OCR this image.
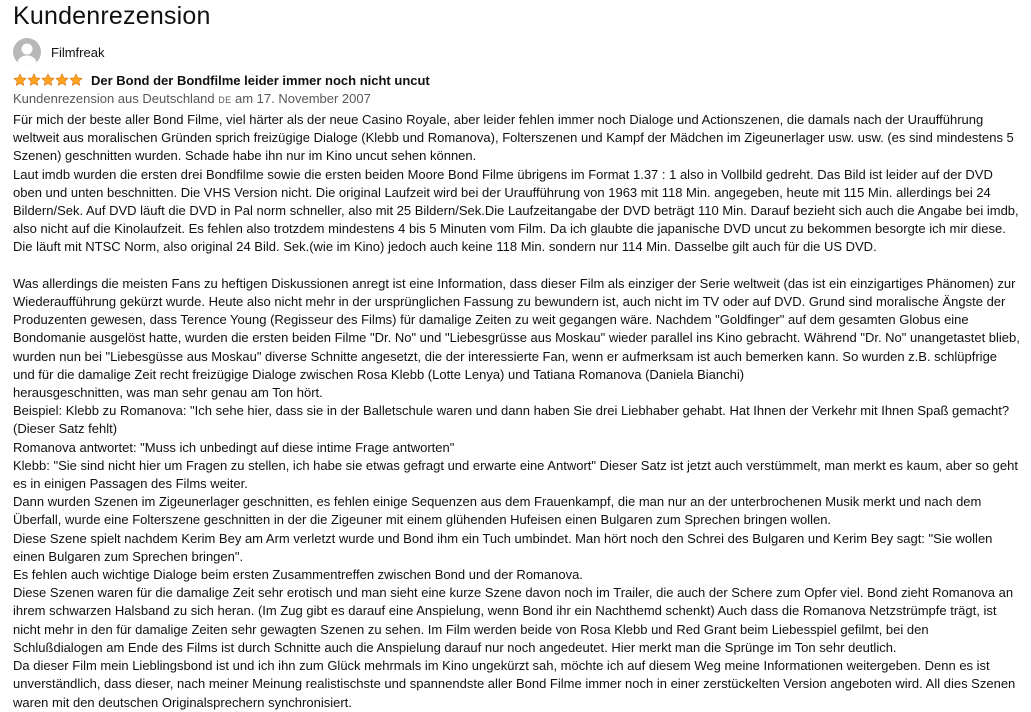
Kundenrezension
Filmfreak
Der Bond der Bondfilme leider immer noch nicht uncut
Kundenrezension aus Deutschland DE am 17. November 2007
Für mich der beste aller Bond Filme, viel härter als der neue Casino Royale, aber leider fehlen immer noch Dialoge und Actionszenen, die damals nach der Uraufführung weltweit aus moralischen Gründen sprich freizügige Dialoge (Klebb und Romanova), Folterszenen und Kampf der Mädchen im Zigeunerlager usw. usw. (es sind mindestens 5 Szenen) geschnitten wurden. Schade habe ihn nur im Kino uncut sehen können.
Laut imdb wurden die ersten drei Bondfilme sowie die ersten beiden Moore Bond Filme übrigens im Format 1.37 : 1 also in Vollbild gedreht. Das Bild ist leider auf der DVD oben und unten beschnitten. Die VHS Version nicht. Die original Laufzeit wird bei der Uraufführung von 1963 mit 118 Min. angegeben, heute mit 115 Min. allerdings bei 24 Bildern/Sek. Auf DVD läuft die DVD in Pal norm schneller, also mit 25 Bildern/Sek.Die Laufzeitangabe der DVD beträgt 110 Min. Darauf bezieht sich auch die Angabe bei imdb, also nicht auf die Kinolaufzeit. Es fehlen also trotzdem mindestens 4 bis 5 Minuten vom Film. Da ich glaubte die japanische DVD uncut zu bekommen besorgte ich mir diese. Die läuft mit NTSC Norm, also original 24 Bild. Sek.(wie im Kino) jedoch auch keine 118 Min. sondern nur 114 Min. Dasselbe gilt auch für die US DVD.

Was allerdings die meisten Fans zu heftigen Diskussionen anregt ist eine Information, dass dieser Film als einziger der Serie weltweit (das ist ein einzigartiges Phänomen) zur Wiederaufführung gekürzt wurde. Heute also nicht mehr in der ursprünglichen Fassung zu bewundern ist, auch nicht im TV oder auf DVD. Grund sind moralische Ängste der Produzenten gewesen, dass Terence Young (Regisseur des Films) für damalige Zeiten zu weit gegangen wäre. Nachdem "Goldfinger" auf dem gesamten Globus eine Bondomanie ausgelöst hatte, wurden die ersten beiden Filme "Dr. No" und "Liebesgrüsse aus Moskau" wieder parallel ins Kino gebracht. Während "Dr. No" unangetastet blieb, wurden nun bei "Liebesgüsse aus Moskau" diverse Schnitte angesetzt, die der interessierte Fan, wenn er aufmerksam ist auch bemerken kann. So wurden z.B. schlüpfrige und für die damalige Zeit recht freizügige Dialoge zwischen Rosa Klebb (Lotte Lenya) und Tatiana Romanova (Daniela Bianchi)
herausgeschnitten, was man sehr genau am Ton hört.
Beispiel: Klebb zu Romanova: "Ich sehe hier, dass sie in der Balletschule waren und dann haben Sie drei Liebhaber gehabt. Hat Ihnen der Verkehr mit Ihnen Spaß gemacht?(Dieser Satz fehlt)
Romanova antwortet: "Muss ich unbedingt auf diese intime Frage antworten"
Klebb: "Sie sind nicht hier um Fragen zu stellen, ich habe sie etwas gefragt und erwarte eine Antwort" Dieser Satz ist jetzt auch verstümmelt, man merkt es kaum, aber so geht es in einigen Passagen des Films weiter.
Dann wurden Szenen im Zigeunerlager geschnitten, es fehlen einige Sequenzen aus dem Frauenkampf, die man nur an der unterbrochenen Musik merkt und nach dem Überfall, wurde eine Folterszene geschnitten in der die Zigeuner mit einem glühenden Hufeisen einen Bulgaren zum Sprechen bringen wollen.
Diese Szene spielt nachdem Kerim Bey am Arm verletzt wurde und Bond ihm ein Tuch umbindet. Man hört noch den Schrei des Bulgaren und Kerim Bey sagt: "Sie wollen einen Bulgaren zum Sprechen bringen".
Es fehlen auch wichtige Dialoge beim ersten Zusammentreffen zwischen Bond und der Romanova.
Diese Szenen waren für die damalige Zeit sehr erotisch und man sieht eine kurze Szene davon noch im Trailer, die auch der Schere zum Opfer viel. Bond zieht Romanova an ihrem schwarzen Halsband zu sich heran. (Im Zug gibt es darauf eine Anspielung, wenn Bond ihr ein Nachthemd schenkt) Auch dass die Romanova Netzstrümpfe trägt, ist nicht mehr in den für damalige Zeiten sehr gewagten Szenen zu sehen. Im Film werden beide von Rosa Klebb und Red Grant beim Liebesspiel gefilmt, bei den Schlußdialogen am Ende des Films ist durch Schnitte auch die Anspielung darauf nur noch angedeutet. Hier merkt man die Sprünge im Ton sehr deutlich.
Da dieser Film mein Lieblingsbond ist und ich ihn zum Glück mehrmals im Kino ungekürzt sah, möchte ich auf diesem Weg meine Informationen weitergeben. Denn es ist unverständlich, dass dieser, nach meiner Meinung realistischste und spannendste aller Bond Filme immer noch in einer zerstückelten Version angeboten wird. All dies Szenen waren mit den deutschen Originalsprechern synchronisiert.
